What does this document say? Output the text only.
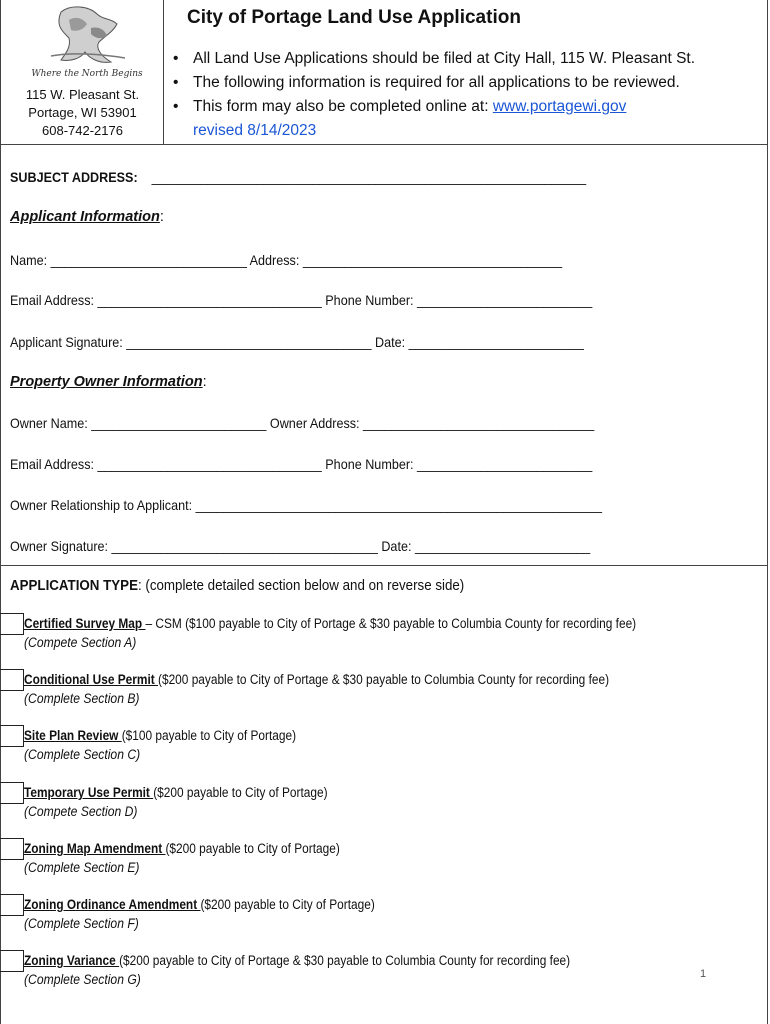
Where the North Begins
115 W. Pleasant St.
Portage, WI 53901
608-742-2176
City of Portage Land Use Application
• All Land Use Applications should be filed at City Hall, 115 W. Pleasant St.
• The following information is required for all applications to be reviewed.
• This form may also be completed online at:
www.portagewi.gov
revised 8/14/2023
SUBJECT ADDRESS: ______________________________________________________________
Applicant Information:
Name: ____________________________ Address: _____________________________________
Email Address: ________________________________ Phone Number: _________________________
Applicant Signature: ___________________________________ Date: _________________________
Property Owner Information:
Owner Name: _________________________ Owner Address: _________________________________
Email Address: ________________________________ Phone Number: _________________________
Owner Relationship to Applicant: __________________________________________________________
Owner Signature: ______________________________________ Date: _________________________
APPLICATION TYPE: (complete detailed section below and on reverse side)
Certified Survey Map – CSM ($100 payable to City of Portage & $30 payable to Columbia County for recording fee)
(Compete Section A)
Conditional Use Permit ($200 payable to City of Portage & $30 payable to Columbia County for recording fee)
(Complete Section B)
Site Plan Review ($100 payable to City of Portage)
(Complete Section C)
Temporary Use Permit ($200 payable to City of Portage)
(Compete Section D)
Zoning Map Amendment ($200 payable to City of Portage)
(Complete Section E)
Zoning Ordinance Amendment ($200 payable to City of Portage)
(Complete Section F)
Zoning Variance ($200 payable to City of Portage & $30 payable to Columbia County for recording fee)
(Complete Section G)	1
